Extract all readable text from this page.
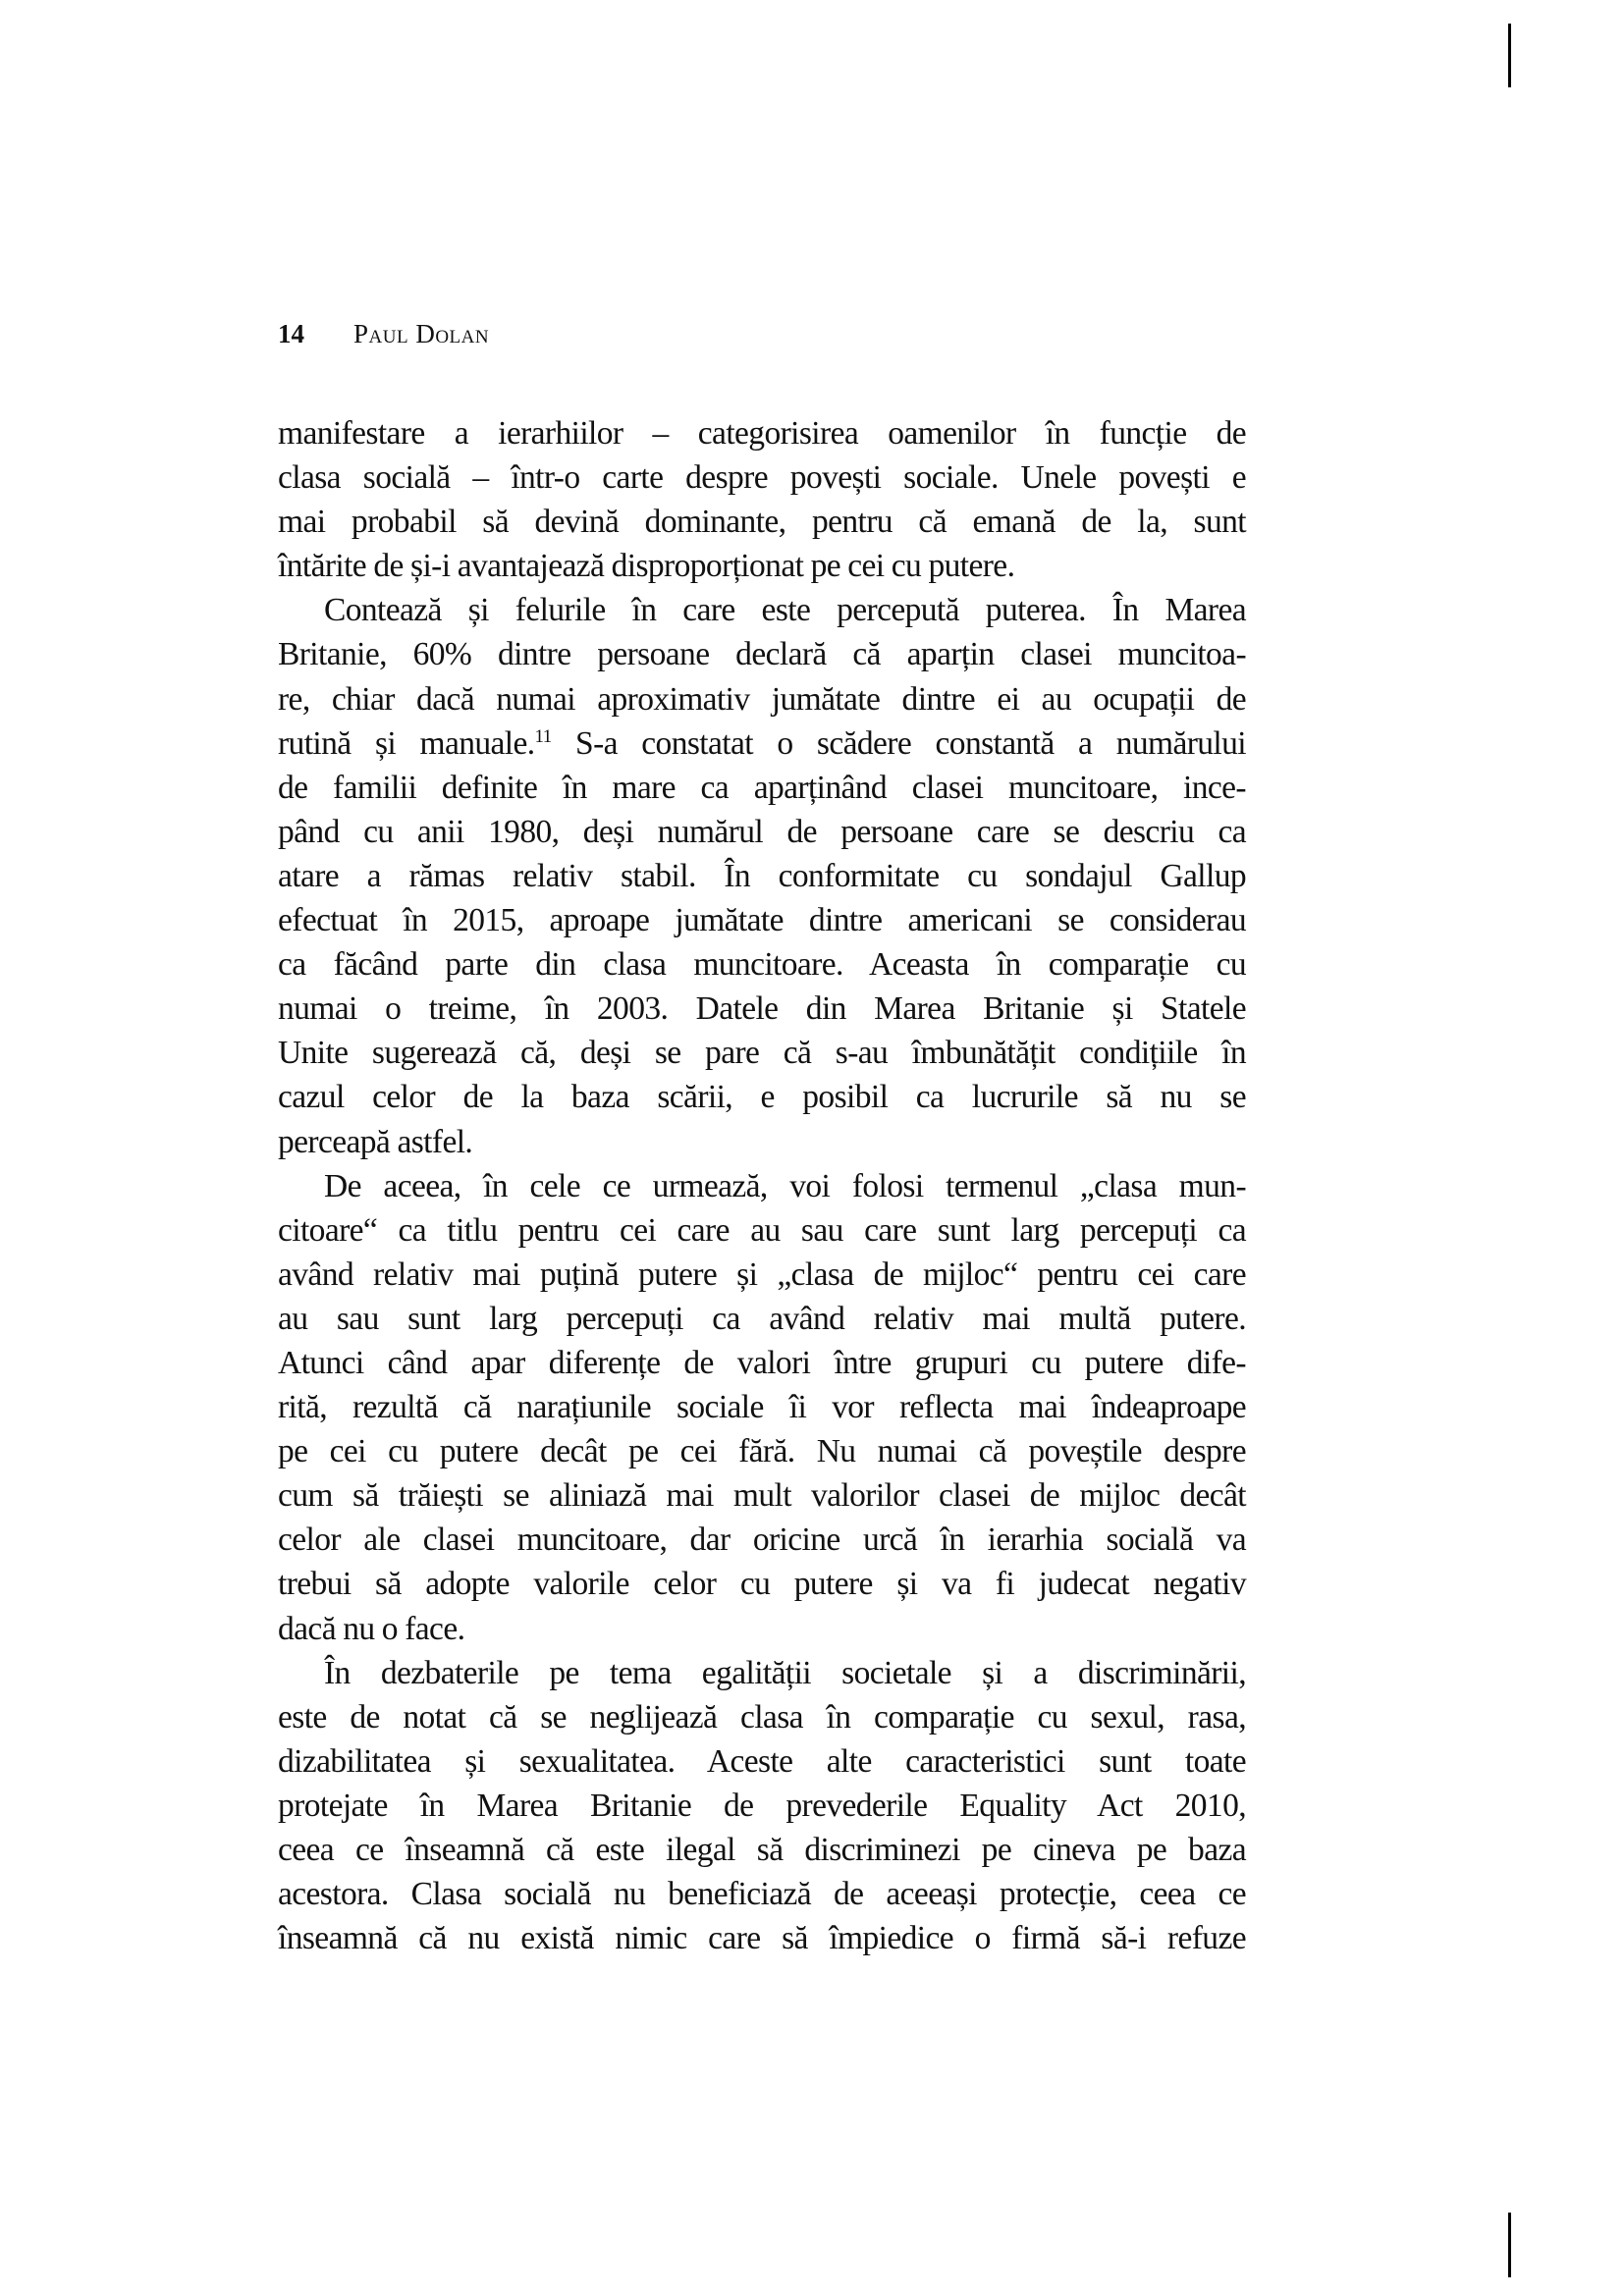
14 Paul Dolan
manifestare a ierarhiilor – categorisirea oamenilor în funcție de
clasa socială – într-o carte despre povești sociale. Unele povești e
mai probabil să devină dominante, pentru că emană de la, sunt
întărite de și-i avantajează disproporționat pe cei cu putere.
Contează și felurile în care este percepută puterea. În Marea
Britanie, 60% dintre persoane declară că aparțin clasei muncitoa-
re, chiar dacă numai aproximativ jumătate dintre ei au ocupații de
rutină și manuale.$^{11}$ S-a constatat o scădere constantă a numărului
de familii definite în mare ca aparținând clasei muncitoare, ince-
pând cu anii 1980, deși numărul de persoane care se descriu ca
atare a rămas relativ stabil. În conformitate cu sondajul Gallup
efectuat în 2015, aproape jumătate dintre americani se considerau
ca făcând parte din clasa muncitoare. Aceasta în comparație cu
numai o treime, în 2003. Datele din Marea Britanie și Statele
Unite sugerează că, deși se pare că s-au îmbunătățit condițiile în
cazul celor de la baza scării, e posibil ca lucrurile să nu se
perceapă astfel.
De aceea, în cele ce urmează, voi folosi termenul „clasa mun-
citoare“ ca titlu pentru cei care au sau care sunt larg percepuți ca
având relativ mai puțină putere și „clasa de mijloc“ pentru cei care
au sau sunt larg percepuți ca având relativ mai multă putere.
Atunci când apar diferențe de valori între grupuri cu putere dife-
rită, rezultă că narațiunile sociale îi vor reflecta mai îndeaproape
pe cei cu putere decât pe cei fără. Nu numai că poveștile despre
cum să trăiești se aliniază mai mult valorilor clasei de mijloc decât
celor ale clasei muncitoare, dar oricine urcă în ierarhia socială va
trebui să adopte valorile celor cu putere și va fi judecat negativ
dacă nu o face.
În dezbaterile pe tema egalității societale și a discriminării,
este de notat că se neglijează clasa în comparație cu sexul, rasa,
dizabilitatea și sexualitatea. Aceste alte caracteristici sunt toate
protejate în Marea Britanie de prevederile Equality Act 2010,
ceea ce înseamnă că este ilegal să discriminezi pe cineva pe baza
acestora. Clasa socială nu beneficiază de aceeași protecție, ceea ce
înseamnă că nu există nimic care să împiedice o firmă să-i refuze
